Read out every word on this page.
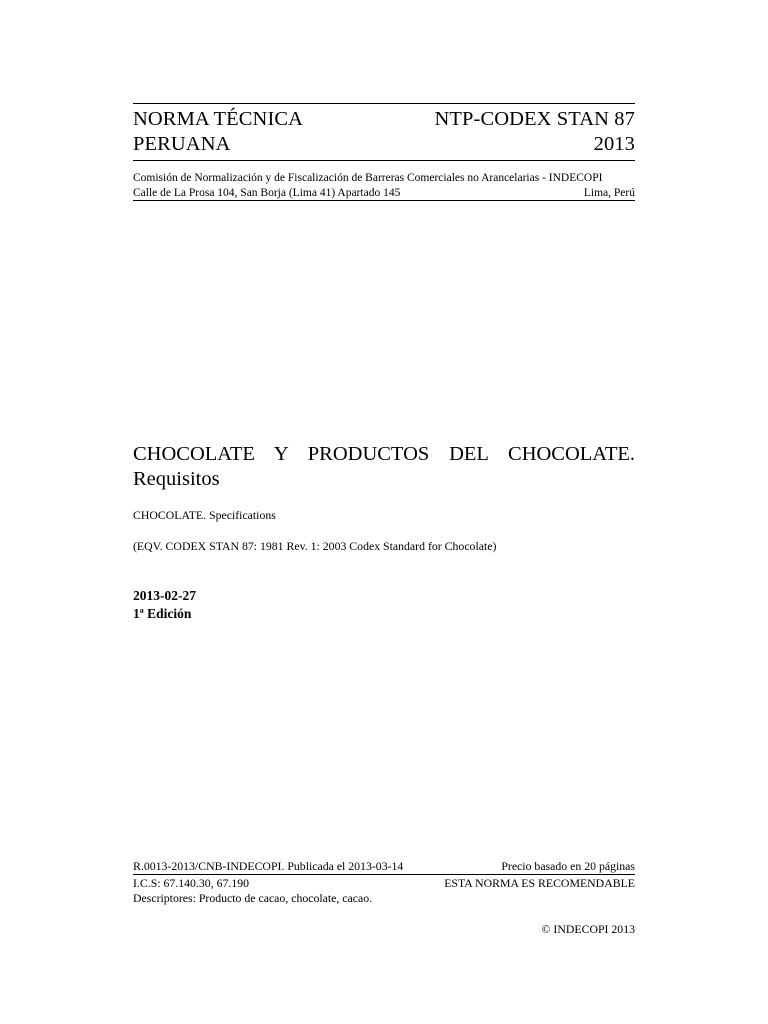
NORMA TÉCNICA	NTP-CODEX STAN 87
PERUANA	2013
Comisión de Normalización y de Fiscalización de Barreras Comerciales no Arancelarias - INDECOPI
Calle de La Prosa 104, San Borja (Lima 41) Apartado 145	Lima, Perú
CHOCOLATE Y PRODUCTOS DEL CHOCOLATE.
Requisitos
CHOCOLATE. Specifications
(EQV. CODEX STAN 87: 1981 Rev. 1: 2003 Codex Standard for Chocolate)
2013-02-27
1ª Edición
R.0013-2013/CNB-INDECOPI. Publicada el 2013-03-14	Precio basado en 20 páginas
I.C.S: 67.140.30, 67.190	ESTA NORMA ES RECOMENDABLE
Descriptores: Producto de cacao, chocolate, cacao.
© INDECOPI 2013
